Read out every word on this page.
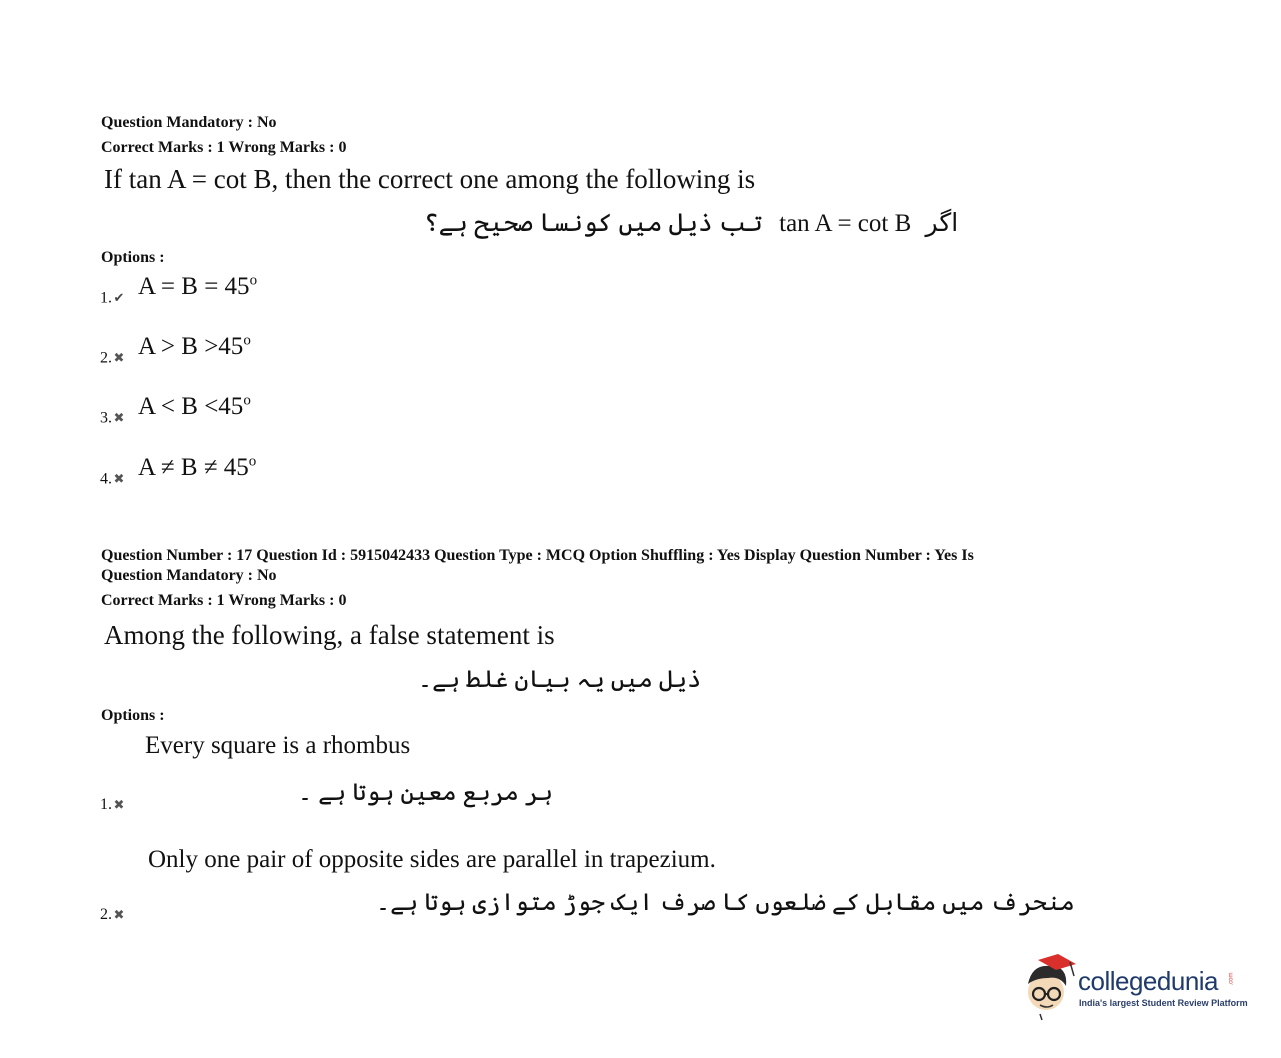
Question Mandatory : No
Correct Marks : 1 Wrong Marks : 0
If tan A = cot B, then the correct one among the following is
تب ذیل میں کونسا صحیح ہے؟ tan A = cot B اگر
Options :
1. ✔ $A = B = 45^o$
2. ✖ $A > B >45^o$
3. ✖ $A < B <45^o$
4. ✖ $A \ne B \ne 45^o$
Question Number : 17 Question Id : 5915042433 Question Type : MCQ Option Shuffling : Yes Display Question Number : Yes Is
Question Mandatory : No
Correct Marks : 1 Wrong Marks : 0
Among the following, a false statement is
ذیل میں یہ بیان غلط ہے۔
Options :
Every square is a rhombus
ہر مربع معین ہوتا ہے ۔
1. ✖
Only one pair of opposite sides are parallel in trapezium.
منحرف میں مقابل کے ضلعوں کا صرف ایک جوڑ متوازی ہوتا ہے۔
2. ✖
collegedunia .com
India's largest Student Review Platform
